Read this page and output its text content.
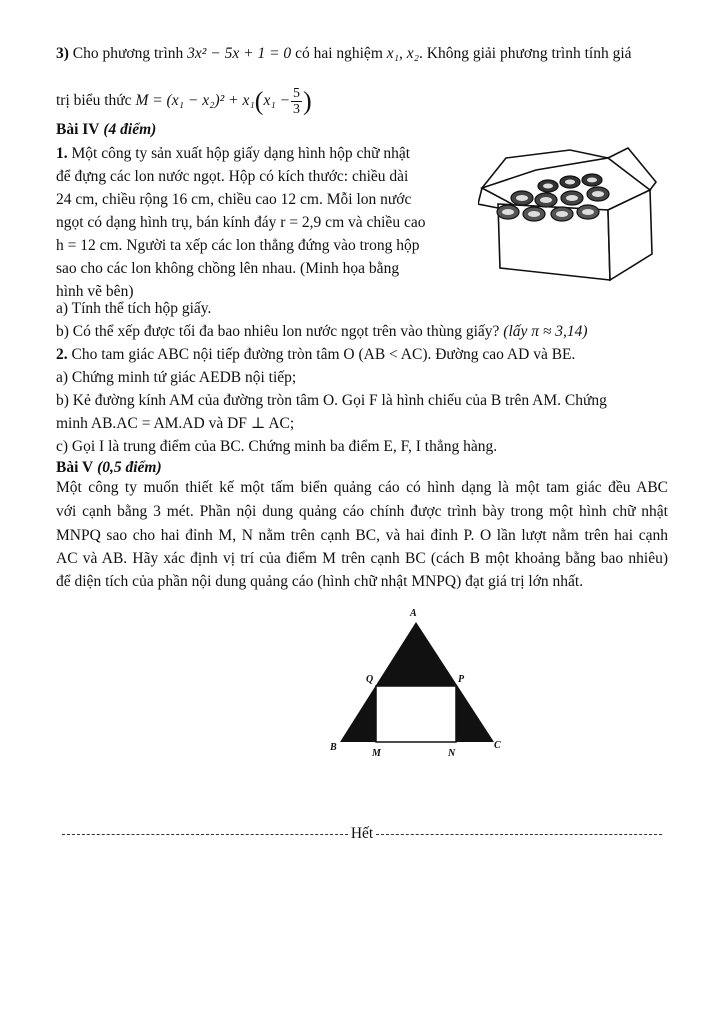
3) Cho phương trình 3x² − 5x + 1 = 0 có hai nghiệm x₁, x₂. Không giải phương trình tính giá
trị biểu thức $M = (x_1 - x_2)^2 + x_1(x_1 - \frac{5}{3}$ )
Bài IV (4 điểm)
1. Một công ty sản xuất hộp giấy dạng hình hộp chữ nhật
để đựng các lon nước ngọt. Hộp có kích thước: chiều dài
24 cm, chiều rộng 16 cm, chiều cao 12 cm. Mỗi lon nước
ngọt có dạng hình trụ, bán kính đáy r = 2,9 cm và chiều cao
h = 12 cm. Người ta xếp các lon thẳng đứng vào trong hộp
sao cho các lon không chồng lên nhau. (Minh họa bằng
hình vẽ bên)
a) Tính thể tích hộp giấy.
b) Có thể xếp được tối đa bao nhiêu lon nước ngọt trên vào thùng giấy? (lấy π ≈ 3,14)
2. Cho tam giác ABC nội tiếp đường tròn tâm O (AB < AC). Đường cao AD và BE.
a) Chứng minh tứ giác AEDB nội tiếp;
b) Kẻ đường kính AM của đường tròn tâm O. Gọi F là hình chiếu của B trên AM. Chứng
minh AB.AC = AM.AD và DF ⊥ AC;
c) Gọi I là trung điểm của BC. Chứng minh ba điểm E, F, I thẳng hàng.
Bài V (0,5 điểm)
Một công ty muốn thiết kế một tấm biển quảng cáo có hình dạng là một tam giác đều ABC
với cạnh bằng 3 mét. Phần nội dung quảng cáo chính được trình bày trong một hình chữ nhật
MNPQ sao cho hai đỉnh M, N nằm trên cạnh BC, và hai đỉnh P. O lần lượt nằm trên hai cạnh
AC và AB. Hãy xác định vị trí của điểm M trên cạnh BC (cách B một khoảng bằng bao nhiêu)
để diện tích của phần nội dung quảng cáo (hình chữ nhật MNPQ) đạt giá trị lớn nhất.
A
Q	P
B
M	N
C
Hết
